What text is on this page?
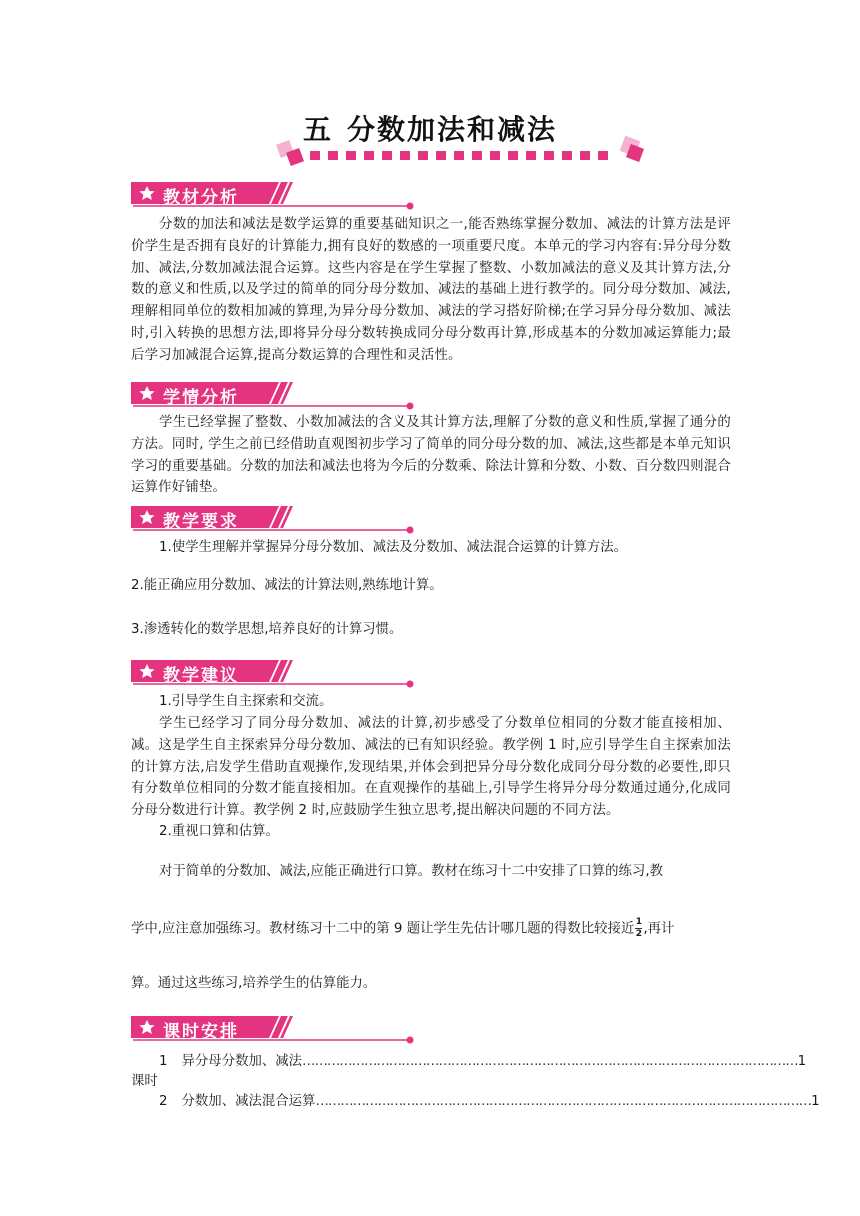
五 分数加法和减法
教材分析
分数的加法和减法是数学运算的重要基础知识之一,能否熟练掌握分数加、减法的计算方法是评价学生是否拥有良好的计算能力,拥有良好的数感的一项重要尺度。本单元的学习内容有:异分母分数加、减法,分数加减法混合运算。这些内容是在学生掌握了整数、小数加减法的意义及其计算方法,分数的意义和性质,以及学过的简单的同分母分数加、减法的基础上进行教学的。同分母分数加、减法,理解相同单位的数相加减的算理,为异分母分数加、减法的学习搭好阶梯;在学习异分母分数加、减法时,引入转换的思想方法,即将异分母分数转换成同分母分数再计算,形成基本的分数加减运算能力;最后学习加减混合运算,提高分数运算的合理性和灵活性。
学情分析
学生已经掌握了整数、小数加减法的含义及其计算方法,理解了分数的意义和性质,掌握了通分的方法。同时, 学生之前已经借助直观图初步学习了简单的同分母分数的加、减法,这些都是本单元知识学习的重要基础。分数的加法和减法也将为今后的分数乘、除法计算和分数、小数、百分数四则混合运算作好铺垫。
教学要求
1.使学生理解并掌握异分母分数加、减法及分数加、减法混合运算的计算方法。
2.能正确应用分数加、减法的计算法则,熟练地计算。
3.渗透转化的数学思想,培养良好的计算习惯。
教学建议
1.引导学生自主探索和交流。
学生已经学习了同分母分数加、减法的计算,初步感受了分数单位相同的分数才能直接相加、减。这是学生自主探索异分母分数加、减法的已有知识经验。教学例 1 时,应引导学生自主探索加法的计算方法,启发学生借助直观操作,发现结果,并体会到把异分母分数化成同分母分数的必要性,即只有分数单位相同的分数才能直接相加。在直观操作的基础上,引导学生将异分母分数通过通分,化成同分母分数进行计算。教学例 2 时,应鼓励学生独立思考,提出解决问题的不同方法。
2.重视口算和估算。
对于简单的分数加、减法,应能正确进行口算。教材在练习十二中安排了口算的练习,教
学中,应注意加强练习。教材练习十二中的第 9 题让学生先估计哪几题的得数比较接近 $\frac{1}{2}$ ,再计
算。通过这些练习,培养学生的估算能力。
课时安排
1	异分母分数加、减法 ………………………………………………………………………………………………………… 1
课时
2	分数加、减法混合运算 ………………………………………………………………………………………………………… 1
